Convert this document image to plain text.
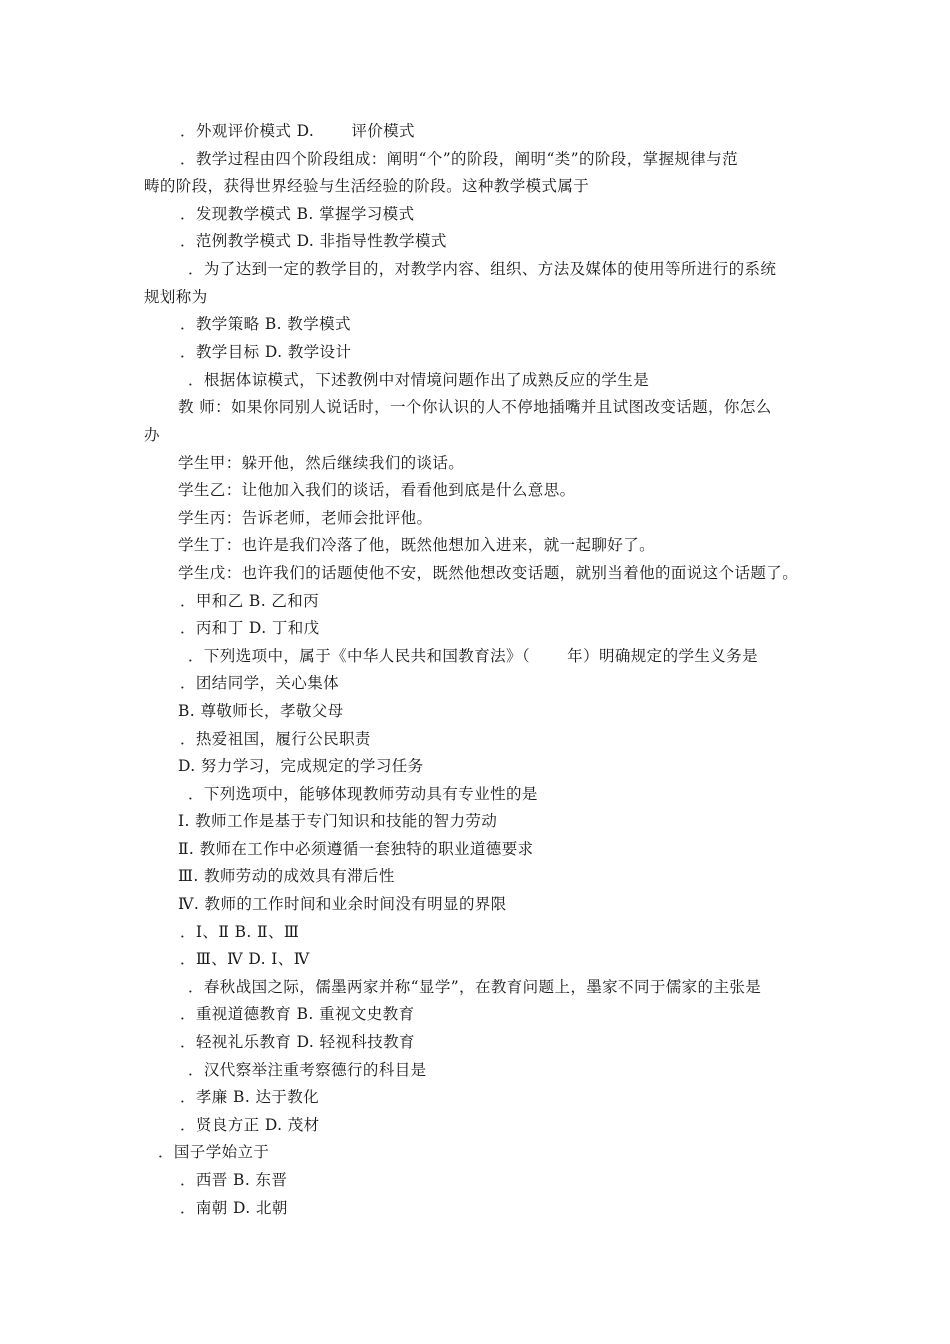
．外观评价模式 D.　　 评价模式
．教学过程由四个阶段组成：阐明“个”的阶段，阐明“类”的阶段，掌握规律与范
畴的阶段，获得世界经验与生活经验的阶段。这种教学模式属于
．发现教学模式 B. 掌握学习模式
．范例教学模式 D. 非指导性教学模式
．为了达到一定的教学目的，对教学内容、组织、方法及媒体的使用等所进行的系统
规划称为
．教学策略 B. 教学模式
．教学目标 D. 教学设计
．根据体谅模式，下述教例中对情境问题作出了成熟反应的学生是
教 师：如果你同别人说话时，一个你认识的人不停地插嘴并且试图改变话题，你怎么
办
学生甲：躲开他，然后继续我们的谈话。
学生乙：让他加入我们的谈话，看看他到底是什么意思。
学生丙：告诉老师，老师会批评他。
学生丁：也许是我们冷落了他，既然他想加入进来，就一起聊好了。
学生戊：也许我们的话题使他不安，既然他想改变话题，就别当着他的面说这个话题了。
．甲和乙 B. 乙和丙
．丙和丁 D. 丁和戊
．下列选项中，属于《中华人民共和国教育法》（　　 年）明确规定的学生义务是
．团结同学，关心集体
B. 尊敬师长，孝敬父母
．热爱祖国，履行公民职责
D. 努力学习，完成规定的学习任务
．下列选项中，能够体现教师劳动具有专业性的是
Ⅰ. 教师工作是基于专门知识和技能的智力劳动
Ⅱ. 教师在工作中必须遵循一套独特的职业道德要求
Ⅲ. 教师劳动的成效具有滞后性
Ⅳ. 教师的工作时间和业余时间没有明显的界限
．Ⅰ、Ⅱ B. Ⅱ、Ⅲ
．Ⅲ、Ⅳ D. Ⅰ、Ⅳ
．春秋战国之际，儒墨两家并称“显学”，在教育问题上，墨家不同于儒家的主张是
．重视道德教育 B. 重视文史教育
．轻视礼乐教育 D. 轻视科技教育
．汉代察举注重考察德行的科目是
．孝廉 B. 达于教化
．贤良方正 D. 茂材
．国子学始立于
．西晋 B. 东晋
．南朝 D. 北朝
